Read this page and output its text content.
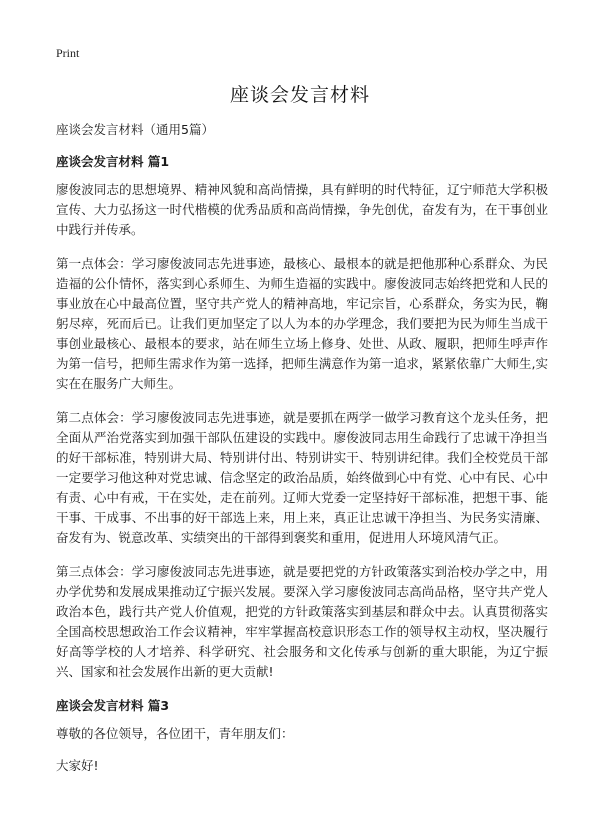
Print
座谈会发言材料

座谈会发言材料（通用5篇）

座谈会发言材料 篇1

廖俊波同志的思想境界、精神风貌和高尚情操，具有鲜明的时代特征，辽宁师范大学积极宣传、大力弘扬这一时代楷模的优秀品质和高尚情操，争先创优，奋发有为，在干事创业中践行并传承。

第一点体会：学习廖俊波同志先进事迹，最核心、最根本的就是把他那种心系群众、为民造福的公仆情怀，落实到心系师生、为师生造福的实践中。廖俊波同志始终把党和人民的事业放在心中最高位置，坚守共产党人的精神高地，牢记宗旨，心系群众，务实为民，鞠躬尽瘁，死而后已。让我们更加坚定了以人为本的办学理念，我们要把为民为师生当成干事创业最核心、最根本的要求，站在师生立场上修身、处世、从政、履职，把师生呼声作为第一信号，把师生需求作为第一选择，把师生满意作为第一追求，紧紧依靠广大师生,实实在在服务广大师生。

第二点体会：学习廖俊波同志先进事迹，就是要抓在两学一做学习教育这个龙头任务，把全面从严治党落实到加强干部队伍建设的实践中。廖俊波同志用生命践行了忠诚干净担当的好干部标准，特别讲大局、特别讲付出、特别讲实干、特别讲纪律。我们全校党员干部一定要学习他这种对党忠诚、信念坚定的政治品质，始终做到心中有党、心中有民、心中有责、心中有戒，干在实处，走在前列。辽师大党委一定坚持好干部标准，把想干事、能干事、干成事、不出事的好干部选上来，用上来，真正让忠诚干净担当、为民务实清廉、奋发有为、锐意改革、实绩突出的干部得到褒奖和重用，促进用人环境风清气正。

第三点体会：学习廖俊波同志先进事迹，就是要把党的方针政策落实到治校办学之中，用办学优势和发展成果推动辽宁振兴发展。要深入学习廖俊波同志高尚品格，坚守共产党人政治本色，践行共产党人价值观，把党的方针政策落实到基层和群众中去。认真贯彻落实全国高校思想政治工作会议精神，牢牢掌握高校意识形态工作的领导权主动权，坚决履行好高等学校的人才培养、科学研究、社会服务和文化传承与创新的重大职能，为辽宁振兴、国家和社会发展作出新的更大贡献!

座谈会发言材料 篇3

尊敬的各位领导，各位团干，青年朋友们：

大家好!
